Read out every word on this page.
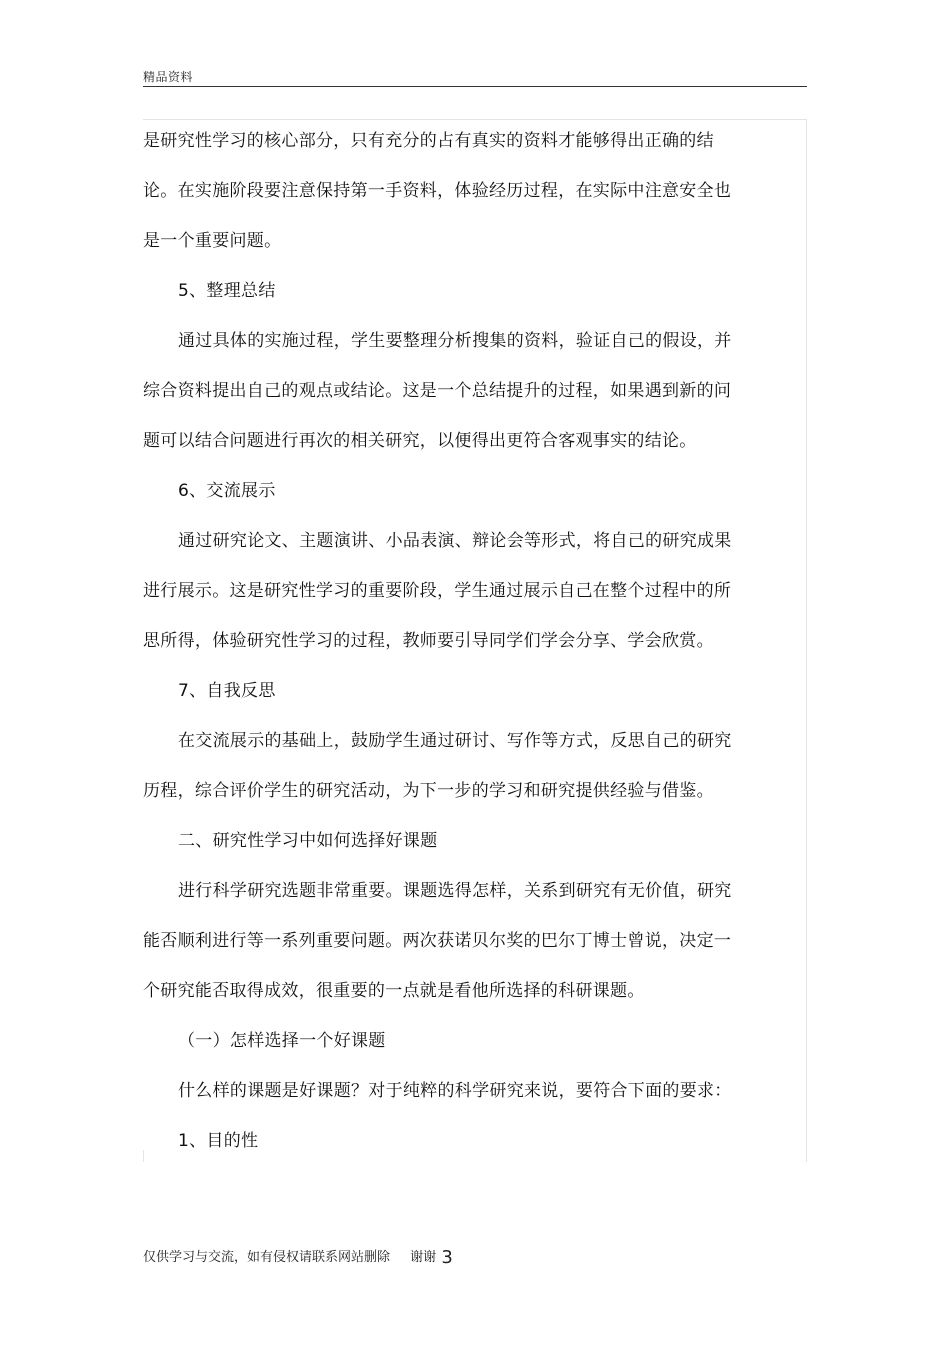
精品资料
是研究性学习的核心部分，只有充分的占有真实的资料才能够得出正确的结
论。在实施阶段要注意保持第一手资料，体验经历过程，在实际中注意安全也
是一个重要问题。
5、整理总结
通过具体的实施过程，学生要整理分析搜集的资料，验证自己的假设，并
综合资料提出自己的观点或结论。这是一个总结提升的过程，如果遇到新的问
题可以结合问题进行再次的相关研究，以便得出更符合客观事实的结论。
6、交流展示
通过研究论文、主题演讲、小品表演、辩论会等形式，将自己的研究成果
进行展示。这是研究性学习的重要阶段，学生通过展示自己在整个过程中的所
思所得，体验研究性学习的过程，教师要引导同学们学会分享、学会欣赏。
7、自我反思
在交流展示的基础上，鼓励学生通过研讨、写作等方式，反思自己的研究
历程，综合评价学生的研究活动，为下一步的学习和研究提供经验与借鉴。
二、研究性学习中如何选择好课题
进行科学研究选题非常重要。课题选得怎样，关系到研究有无价值，研究
能否顺利进行等一系列重要问题。两次获诺贝尔奖的巴尔丁博士曾说，决定一
个研究能否取得成效，很重要的一点就是看他所选择的科研课题。
（一）怎样选择一个好课题
什么样的课题是好课题？对于纯粹的科学研究来说，要符合下面的要求：
1、目的性
仅供学习与交流，如有侵权请联系网站删除 谢谢 3
